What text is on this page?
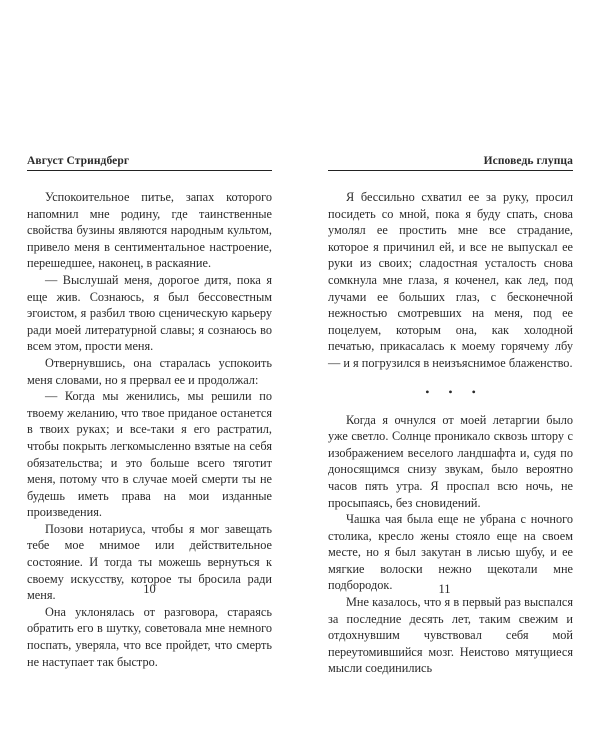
Август Стриндберг

Успокоительное питье, запах которого напомнил мне родину, где таинственные свойства бузины являются народным культом, привело меня в сентиментальное настроение, перешедшее, наконец, в раскаяние.

— Выслушай меня, дорогое дитя, пока я еще жив. Сознаюсь, я был бессовестным эгоистом, я разбил твою сценическую карьеру ради моей литературной славы; я сознаюсь во всем этом, прости меня.

Отвернувшись, она старалась успокоить меня словами, но я прервал ее и продолжал:

— Когда мы женились, мы решили по твоему желанию, что твое приданое останется в твоих руках; и все-таки я его растратил, чтобы покрыть легкомысленно взятые на себя обязательства; и это больше всего тяготит меня, потому что в случае моей смерти ты не будешь иметь права на мои изданные произведения.

Позови нотариуса, чтобы я мог завещать тебе мое мнимое или действительное состояние. И тогда ты можешь вернуться к своему искусству, которое ты бросила ради меня.

Она уклонялась от разговора, стараясь обратить его в шутку, советовала мне немного поспать, уверяла, что все пройдет, что смерть не наступает так быстро.

10
Исповедь глупца

Я бессильно схватил ее за руку, просил посидеть со мной, пока я буду спать, снова умолял ее простить мне все страдание, которое я причинил ей, и все не выпускал ее руки из своих; сладостная усталость снова сомкнула мне глаза, я коченел, как лед, под лучами ее больших глаз, с бесконечной нежностью смотревших на меня, под ее поцелуем, которым она, как холодной печатью, прикасалась к моему горячему лбу — и я погрузился в неизъяснимое блаженство.

• • •

Когда я очнулся от моей летаргии было уже светло. Солнце проникало сквозь штору с изображением веселого ландшафта и, судя по доносящимся снизу звукам, было вероятно часов пять утра. Я проспал всю ночь, не просыпаясь, без сновидений.

Чашка чая была еще не убрана с ночного столика, кресло жены стояло еще на своем месте, но я был закутан в лисью шубу, и ее мягкие волоски нежно щекотали мне подбородок.

Мне казалось, что я в первый раз выспался за последние десять лет, таким свежим и отдохнувшим чувствовал себя мой переутомившийся мозг. Неистово мятущиеся мысли соединились

11
